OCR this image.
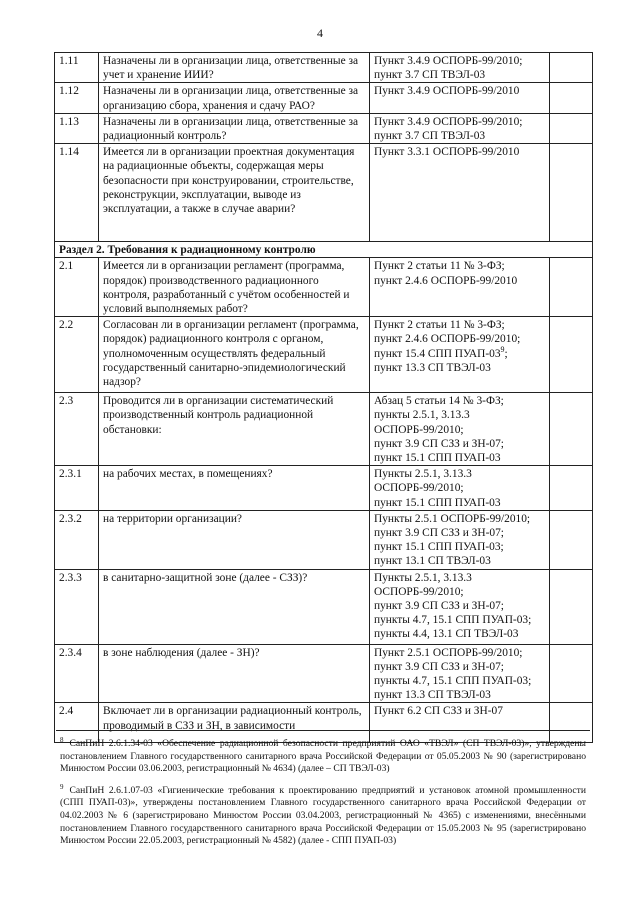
4
1.11	Назначены ли в организации лица, ответственные за учет и хранение ИИИ?	Пункт 3.4.9 ОСПОРБ-99/2010;
пункт 3.7 СП ТВЭЛ-03	

1.12	Назначены ли в организации лица, ответственные за организацию сбора, хранения и сдачу РАО?	Пункт 3.4.9 ОСПОРБ-99/2010	

1.13	Назначены ли в организации лица, ответственные за радиационный контроль?	Пункт 3.4.9 ОСПОРБ-99/2010;
пункт 3.7 СП ТВЭЛ-03	

1.14	Имеется ли в организации проектная документация на радиационные объекты, содержащая меры безопасности при конструировании, строительстве, реконструкции, эксплуатации, выводе из эксплуатации, а также в случае аварии?	Пункт 3.3.1 ОСПОРБ-99/2010	

Раздел 2. Требования к радиационному контролю			
2.1	Имеется ли в организации регламент (программа, порядок) производственного радиационного контроля, разработанный с учётом особенностей и условий выполняемых работ?	Пункт 2 статьи 11 № 3-ФЗ;
пункт 2.4.6 ОСПОРБ-99/2010	

2.2	Согласован ли в организации регламент (программа, порядок) радиационного контроля с органом, уполномоченным осуществлять федеральный государственный санитарно-эпидемиологический надзор?	Пункт 2 статьи 11 № 3-ФЗ;
пункт 2.4.6 ОСПОРБ-99/2010;
пункт 15.4 СПП ПУАП-$03^9$;
пункт 13.3 СП ТВЭЛ-03	

2.3	Проводится ли в организации систематический производственный контроль радиационной обстановки:	Абзац 5 статьи 14 № 3-ФЗ;
пункты 2.5.1, 3.13.3
ОСПОРБ-99/2010;
пункт 3.9 СП СЗЗ и ЗН-07;
пункт 15.1 СПП ПУАП-03	

2.3.1	на рабочих местах, в помещениях?	Пункты 2.5.1, 3.13.3
ОСПОРБ-99/2010;
пункт 15.1 СПП ПУАП-03	

2.3.2	на территории организации?	Пункты 2.5.1 ОСПОРБ-99/2010;
пункт 3.9 СП СЗЗ и ЗН-07;
пункт 15.1 СПП ПУАП-03;
пункт 13.1 СП ТВЭЛ-03	

2.3.3	в санитарно-защитной зоне (далее - СЗЗ)?	Пункты 2.5.1, 3.13.3
ОСПОРБ-99/2010;
пункт 3.9 СП СЗЗ и ЗН-07;
пункты 4.7, 15.1 СПП ПУАП-03;
пункты 4.4, 13.1 СП ТВЭЛ-03	

2.3.4	в зоне наблюдения (далее - ЗН)?	Пункт 2.5.1 ОСПОРБ-99/2010;
пункт 3.9 СП СЗЗ и ЗН-07;
пункты 4.7, 15.1 СПП ПУАП-03;
пункт 13.3 СП ТВЭЛ-03	

2.4	Включает ли в организации радиационный контроль, проводимый в СЗЗ и ЗН, в зависимости	Пункт 6.2 СП СЗЗ и ЗН-07	

$^8$ СанПиН 2.6.1.34-03 «Обеспечение радиационной безопасности предприятий ОАО «ТВЭЛ» (СП ТВЭЛ-03)», утверждены постановлением Главного государственного санитарного врача Российской Федерации от 05.05.2003 № 90 (зарегистрировано Минюстом России 03.06.2003, регистрационный № 4634) (далее – СП ТВЭЛ-03)
$^9$ СанПиН 2.6.1.07-03 «Гигиенические требования к проектированию предприятий и установок атомной промышленности (СПП ПУАП-03)», утверждены постановлением Главного государственного санитарного врача Российской Федерации от 04.02.2003 № 6 (зарегистрировано Минюстом России 03.04.2003, регистрационный № 4365) с изменениями, внесёнными постановлением Главного государственного санитарного врача Российской Федерации от 15.05.2003 № 95 (зарегистрировано Минюстом России 22.05.2003, регистрационный № 4582) (далее - СПП ПУАП-03)
